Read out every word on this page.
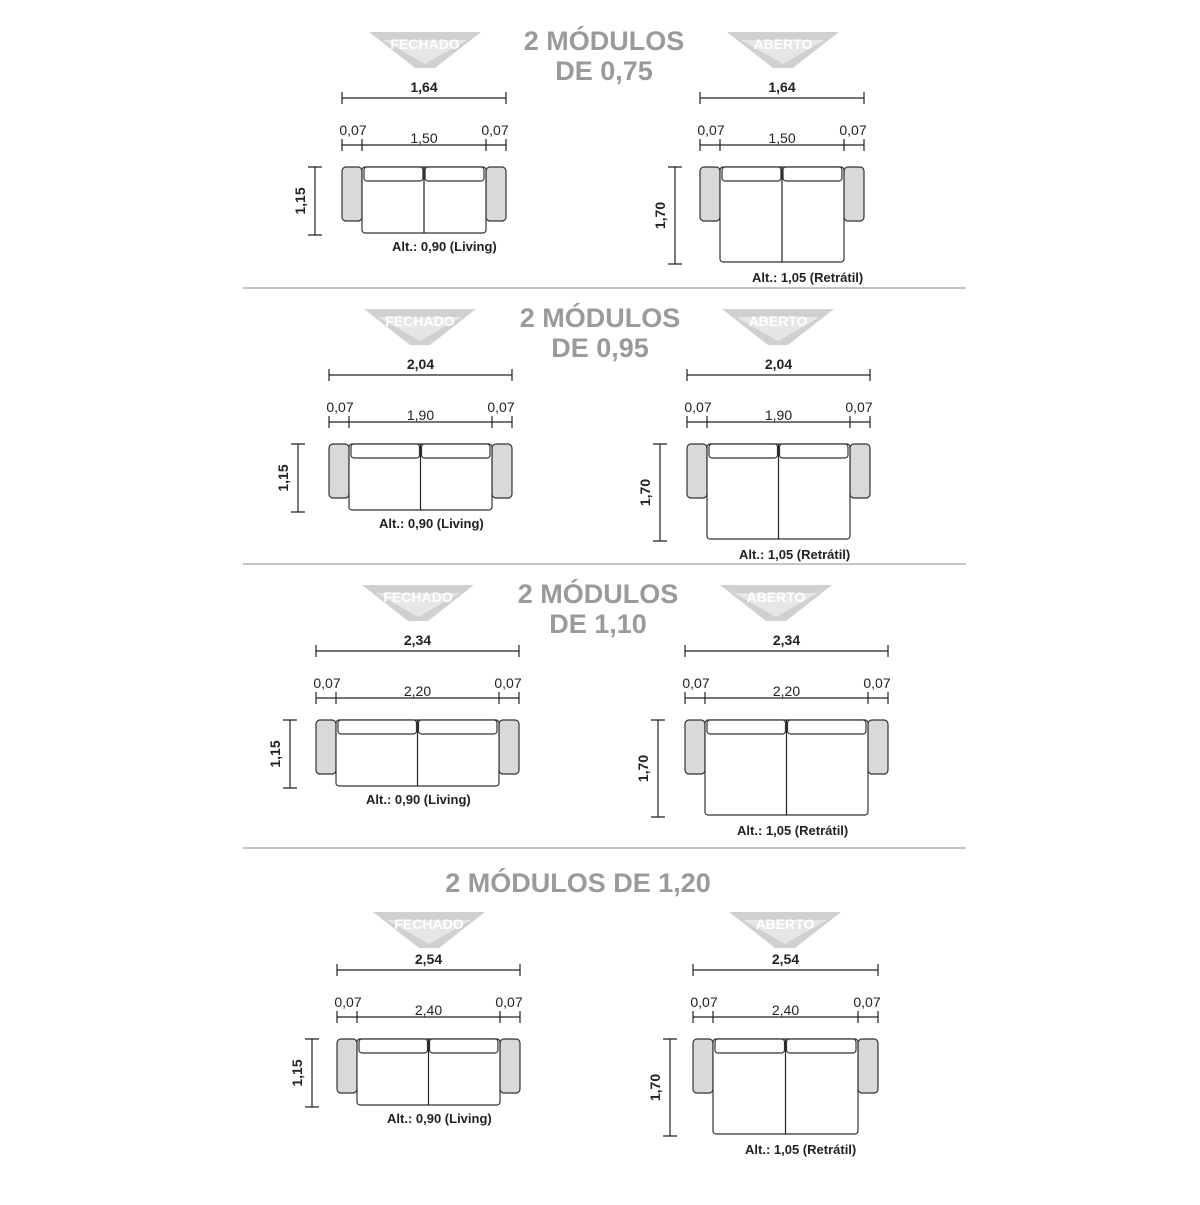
2 MÓDULOS
DE 0,75
FECHADO	ABERTO
1,64
0,07	0,07
1,50
1,15
Alt.: 0,90 (Living)
1,64
0,07	0,07
1,50
1,70
Alt.: 1,05 (Retrátil)
2 MÓDULOS
DE 0,95
FECHADO	ABERTO
2,04
0,07	0,07
1,90
1,15
Alt.: 0,90 (Living)
2,04
0,07	0,07
1,90
1,70
Alt.: 1,05 (Retrátil)
2 MÓDULOS
DE 1,10
FECHADO	ABERTO
2,34
0,07	0,07
2,20
1,15
Alt.: 0,90 (Living)
2,34
0,07	0,07
2,20
1,70
Alt.: 1,05 (Retrátil)
2 MÓDULOS DE 1,20
FECHADO	ABERTO
2,54
0,07	0,07
2,40
1,15
Alt.: 0,90 (Living)
2,54
0,07	0,07
2,40
1,70
Alt.: 1,05 (Retrátil)
